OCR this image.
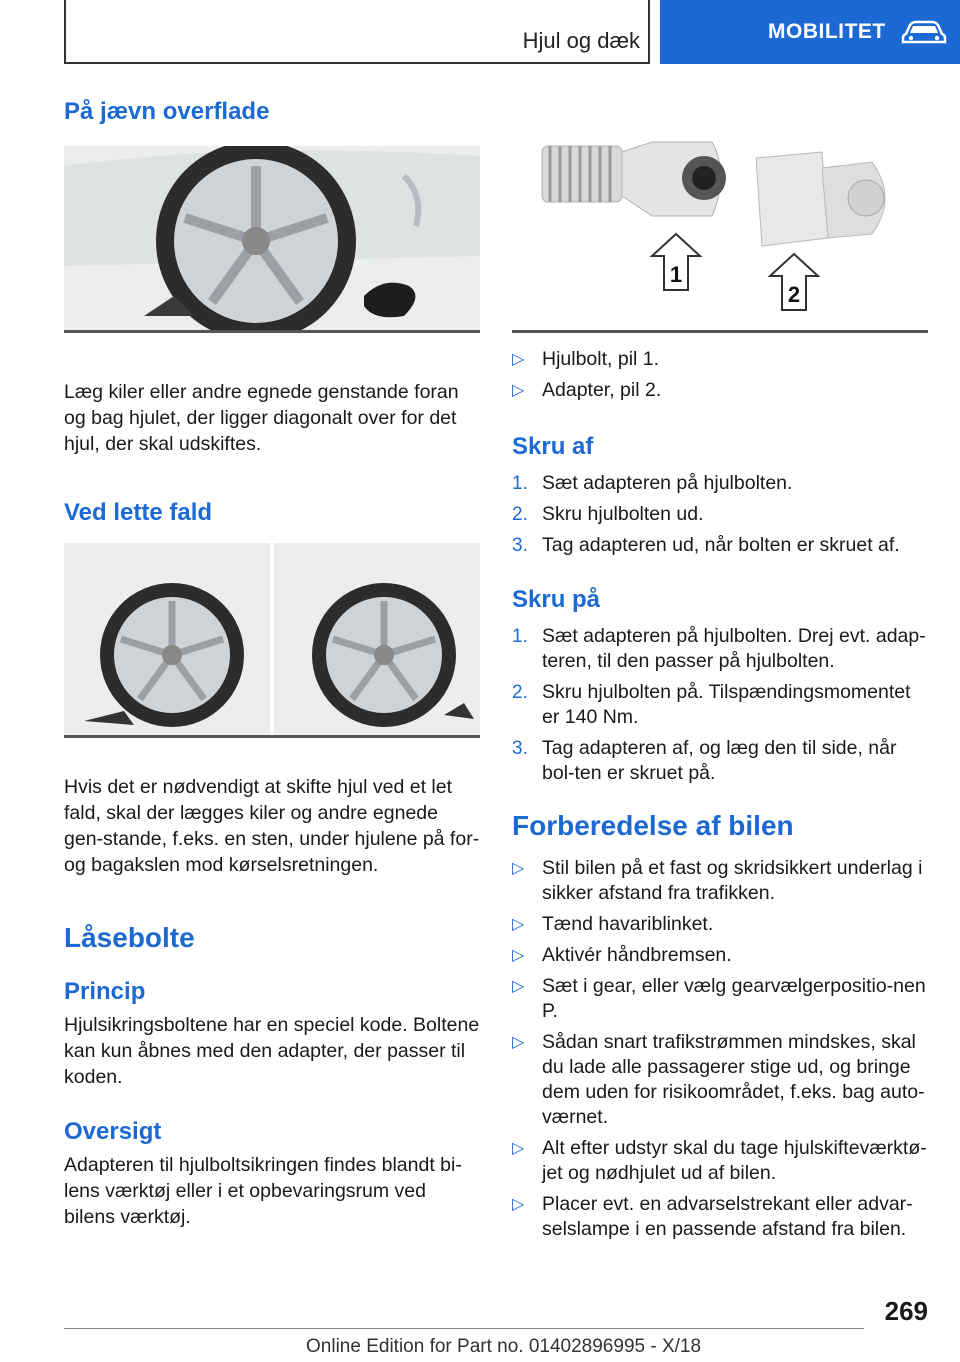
Hjul og dæk	MOBILITET
På jævn overflade

Læg kiler eller andre egnede genstande foran og bag hjulet, der ligger diagonalt over for det hjul, der skal udskiftes.

Ved lette fald

Hvis det er nødvendigt at skifte hjul ved et let fald, skal der lægges kiler og andre egnede gen-stande, f.eks. en sten, under hjulene på for- og bagakslen mod kørselsretningen.

Låsebolte
Princip

Hjulsikringsboltene har en speciel kode. Boltene kan kun åbnes med den adapter, der passer til koden.

Oversigt

Adapteren til hjulboltsikringen findes blandt bi-lens værktøj eller i et opbevaringsrum ved bilens værktøj.

1
2
▷ Hjulbolt, pil 1.
▷ Adapter, pil 2.
Skru af
1. Sæt adapteren på hjulbolten.
2. Skru hjulbolten ud.
3. Tag adapteren ud, når bolten er skruet af.
Skru på
1. Sæt adapteren på hjulbolten. Drej evt. adap-teren, til den passer på hjulbolten.
2. Skru hjulbolten på. Tilspændingsmomentet er 140 Nm.
3. Tag adapteren af, og læg den til side, når bol-ten er skruet på.
Forberedelse af bilen
▷ Stil bilen på et fast og skridsikkert underlag i sikker afstand fra trafikken.
▷ Tænd havariblinket.
▷ Aktivér håndbremsen.
▷ Sæt i gear, eller vælg gearvælgerpositio-nen P.
▷ Sådan snart trafikstrømmen mindskes, skal du lade alle passagerer stige ud, og bringe dem uden for risikoområdet, f.eks. bag auto-værnet.
▷ Alt efter udstyr skal du tage hjulskifteværktø-jet og nødhjulet ud af bilen.
▷ Placer evt. en advarselstrekant eller advar-selslampe i en passende afstand fra bilen.
269
Online Edition for Part no. 01402896995 - X/18
